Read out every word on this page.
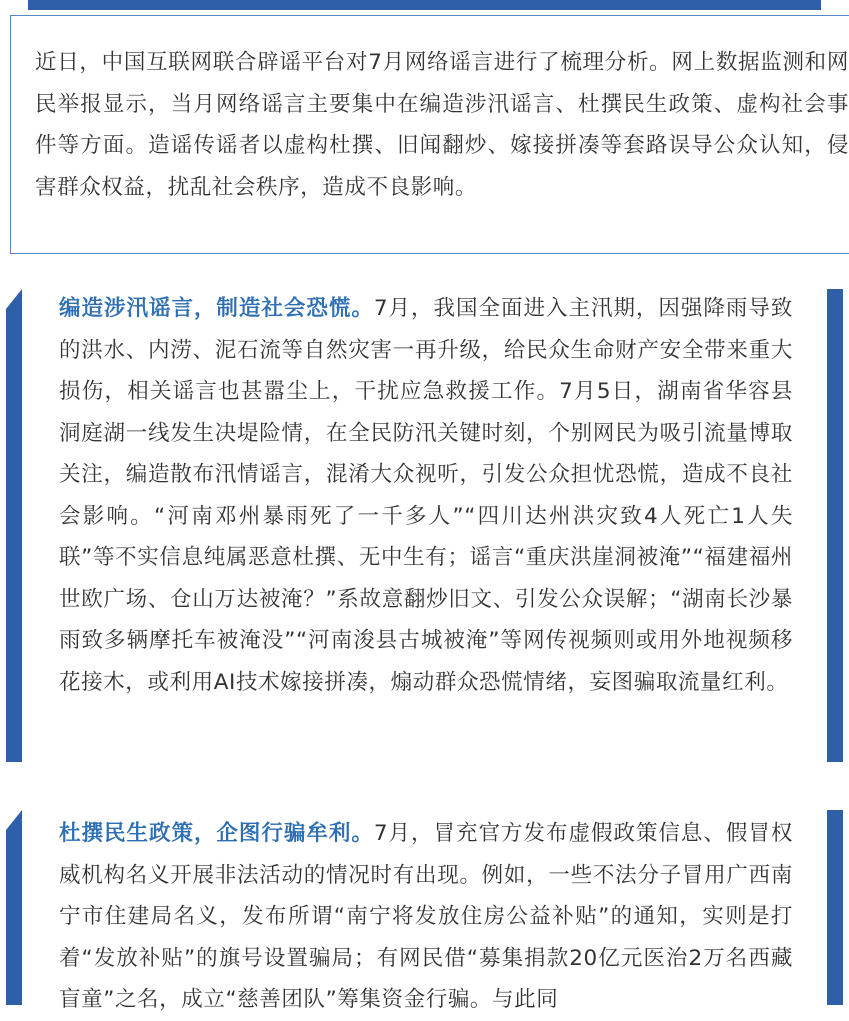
近日，中国互联网联合辟谣平台对7月网络谣言进行了梳理分析。网上数据监测和网民举报显示，当月网络谣言主要集中在编造涉汛谣言、杜撰民生政策、虚构社会事件等方面。造谣传谣者以虚构杜撰、旧闻翻炒、嫁接拼凑等套路误导公众认知，侵害群众权益，扰乱社会秩序，造成不良影响。

编造涉汛谣言，制造社会恐慌。7月，我国全面进入主汛期，因强降雨导致的洪水、内涝、泥石流等自然灾害一再升级，给民众生命财产安全带来重大损伤，相关谣言也甚嚣尘上，干扰应急救援工作。7月5日，湖南省华容县洞庭湖一线发生决堤险情，在全民防汛关键时刻，个别网民为吸引流量博取关注，编造散布汛情谣言，混淆大众视听，引发公众担忧恐慌，造成不良社会影响。“河南邓州暴雨死了一千多人”“四川达州洪灾致4人死亡1人失联”等不实信息纯属恶意杜撰、无中生有；谣言“重庆洪崖洞被淹”“福建福州世欧广场、仓山万达被淹？”系故意翻炒旧文、引发公众误解；“湖南长沙暴雨致多辆摩托车被淹没”“河南浚县古城被淹”等网传视频则或用外地视频移花接木，或利用AI技术嫁接拼凑，煽动群众恐慌情绪，妄图骗取流量红利。
杜撰民生政策，企图行骗牟利。7月，冒充官方发布虚假政策信息、假冒权威机构名义开展非法活动的情况时有出现。例如，一些不法分子冒用广西南宁市住建局名义，发布所谓“南宁将发放住房公益补贴”的通知，实则是打着“发放补贴”的旗号设置骗局；有网民借“募集捐款20亿元医治2万名西藏盲童”之名，成立“慈善团队”筹集资金行骗。与此同
